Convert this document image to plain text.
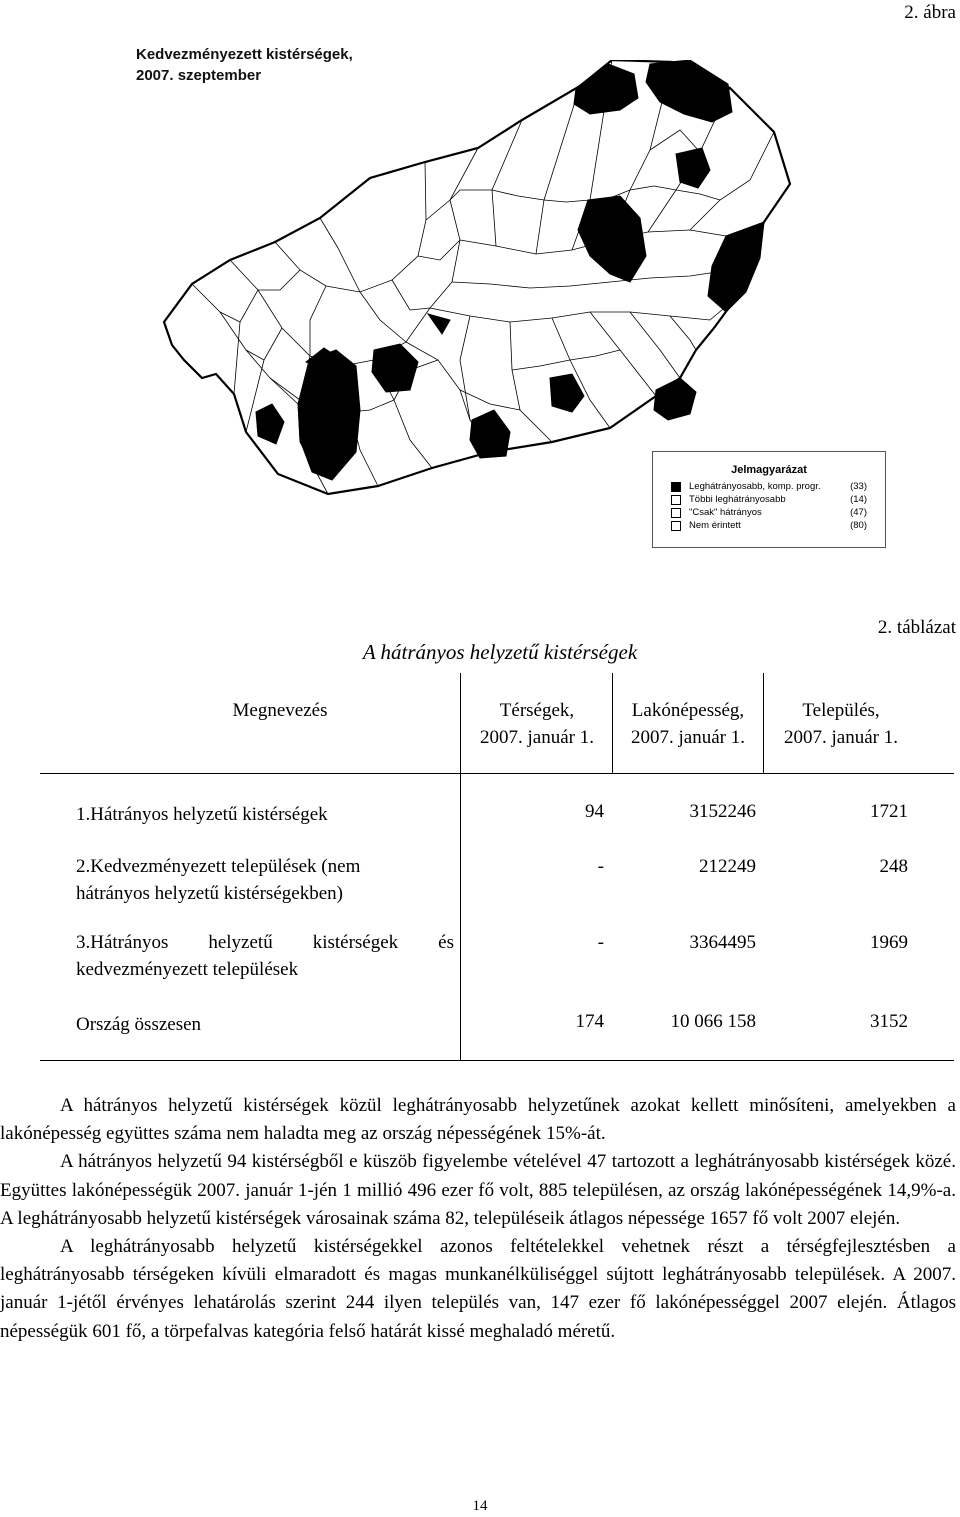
2. ábra
Kedvezményezett kistérségek,
2007. szeptember
Jelmagyarázat
Leghátrányosabb, komp. progr.	(33)
Többi leghátrányosabb	(14)
"Csak" hátrányos	(47)
Nem érintett	(80)
2. táblázat
A hátrányos helyzetű kistérségek
Megnevezés	Térségek,
2007. január 1.
Lakónépesség,
2007. január 1.
Település,
2007. január 1.
1.Hátrányos helyzetű kistérségek	94	3152246	1721
2.Kedvezményezett települések (nem
hátrányos helyzetű kistérségekben)
-	212249	248
3.Hátrányos helyzetű kistérségek és
kedvezményezett települések
-	3364495	1969
Ország összesen	174	10 066 158	3152

A hátrányos helyzetű kistérségek közül leghátrányosabb helyzetűnek azokat kellett minősíteni, amelyekben a lakónépesség együttes száma nem haladta meg az ország népességének 15%-át.

A hátrányos helyzetű 94 kistérségből e küszöb figyelembe vételével 47 tartozott a leghátrányosabb kistérségek közé. Együttes lakónépességük 2007. január 1-jén 1 millió 496 ezer fő volt, 885 településen, az ország lakónépességének 14,9%-a. A leghátrányosabb helyzetű kistérségek városainak száma 82, településeik átlagos népessége 1657 fő volt 2007 elején.

A leghátrányosabb helyzetű kistérségekkel azonos feltételekkel vehetnek részt a térségfejlesztésben a leghátrányosabb térségeken kívüli elmaradott és magas munkanélküliséggel sújtott leghátrányosabb települések. A 2007. január 1-jétől érvényes lehatárolás szerint 244 ilyen település van, 147 ezer fő lakónépességgel 2007 elején. Átlagos népességük 601 fő, a törpefalvas kategória felső határát kissé meghaladó méretű.

14
